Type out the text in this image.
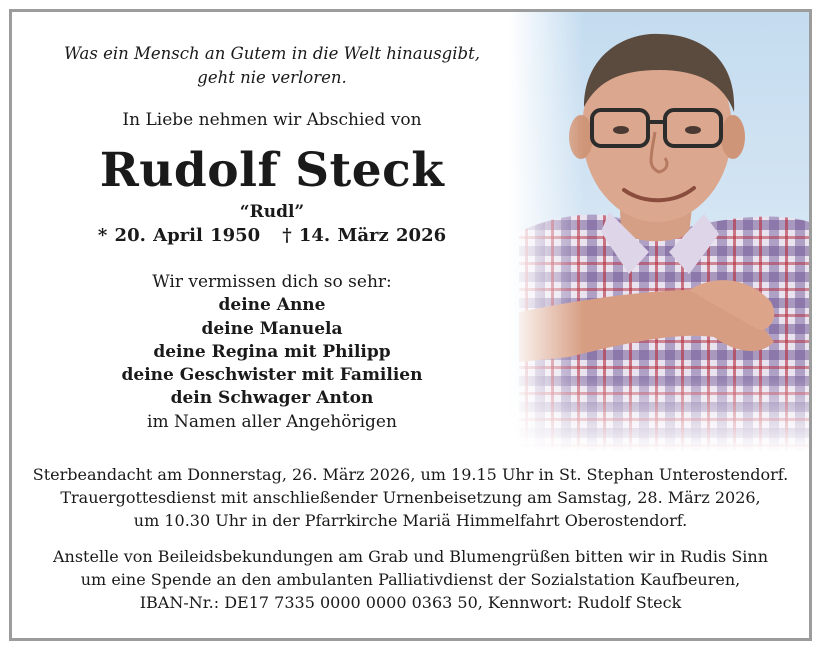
Was ein Mensch an Gutem in die Welt hinausgibt,
geht nie verloren.
In Liebe nehmen wir Abschied von
Rudolf Steck
“Rudl”
* 20. April 1950 † 14. März 2026
Wir vermissen dich so sehr:
deine Anne
deine Manuela
deine Regina mit Philipp
deine Geschwister mit Familien
dein Schwager Anton
im Namen aller Angehörigen
Sterbeandacht am Donnerstag, 26. März 2026, um 19.15 Uhr in St. Stephan Unterostendorf.
Trauergottesdienst mit anschließender Urnenbeisetzung am Samstag, 28. März 2026,
um 10.30 Uhr in der Pfarrkirche Mariä Himmelfahrt Oberostendorf.
Anstelle von Beileidsbekundungen am Grab und Blumengrüßen bitten wir in Rudis Sinn
um eine Spende an den ambulanten Palliativdienst der Sozialstation Kaufbeuren,
IBAN-Nr.: DE17 7335 0000 0000 0363 50, Kennwort: Rudolf Steck
